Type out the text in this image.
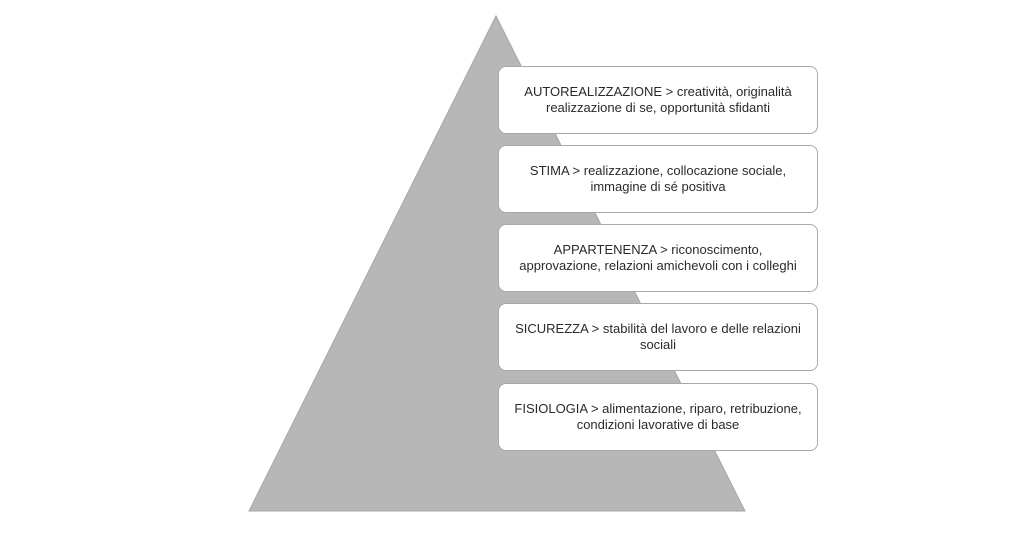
AUTOREALIZZAZIONE > creatività, originalità realizzazione di se, opportunità sfidanti
STIMA > realizzazione, collocazione sociale, immagine di sé positiva
APPARTENENZA > riconoscimento, approvazione, relazioni amichevoli con i colleghi
SICUREZZA > stabilità del lavoro e delle relazioni sociali
FISIOLOGIA > alimentazione, riparo, retribuzione, condizioni lavorative di base
